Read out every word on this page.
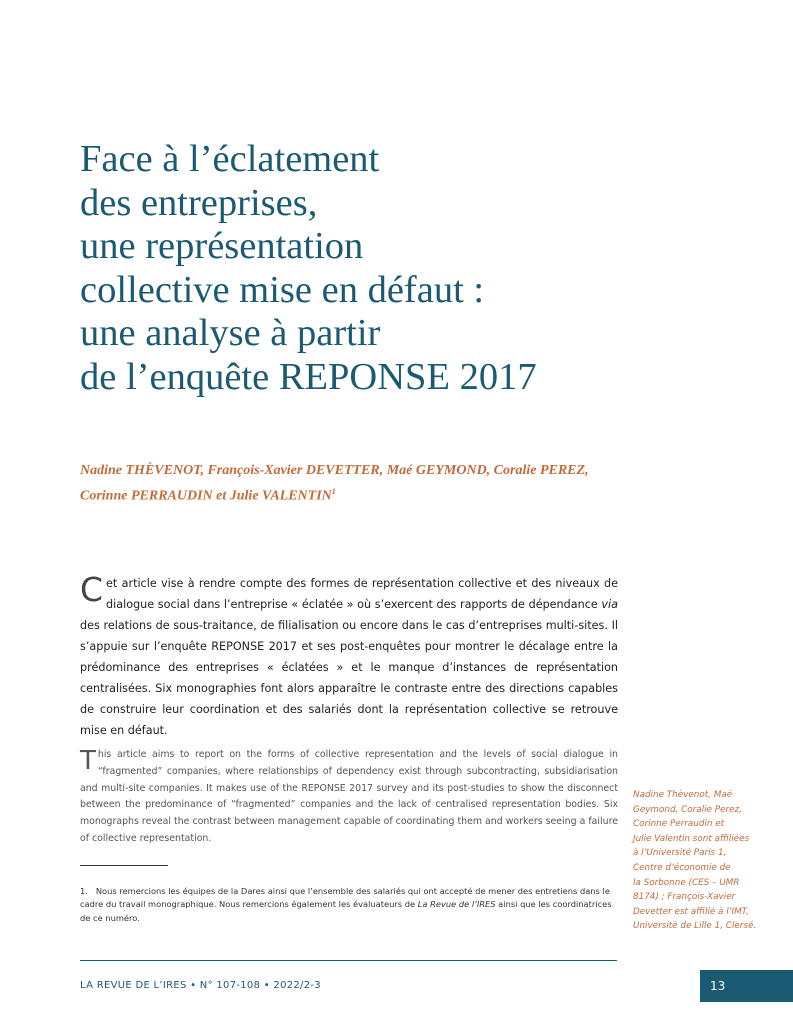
Face à l’éclatement
des entreprises,
une représentation
collective mise en défaut :
une analyse à partir
de l’enquête REPONSE 2017

Nadine THÈVENOT, François-Xavier DEVETTER, Maé GEYMOND, Coralie PEREZ,
Corinne PERRAUDIN et Julie VALENTIN$^1$

Cet article vise à rendre compte des formes de représentation collective et des niveaux de dialogue social dans l’entreprise « éclatée » où s’exercent des rapports de dépendance via des relations de sous-traitance, de filialisation ou encore dans le cas d’entreprises multi-sites. Il s’appuie sur l’enquête REPONSE 2017 et ses post-enquêtes pour montrer le décalage entre la prédominance des entreprises « éclatées » et le manque d’instances de représentation centralisées. Six monographies font alors apparaître le contraste entre des directions capables de construire leur coordination et des salariés dont la représentation collective se retrouve mise en défaut.

This article aims to report on the forms of collective representation and the levels of social dialogue in “fragmented” companies, where relationships of dependency exist through subcontracting, subsidiarisation and multi-site companies. It makes use of the REPONSE 2017 survey and its post-studies to show the disconnect between the predominance of “fragmented” companies and the lack of centralised representation bodies. Six monographs reveal the contrast between management capable of coordinating them and workers seeing a failure of collective representation.

Nadine Thèvenot, Maé
Geymond, Coralie Perez,
Corinne Perraudin et
Julie Valentin sont affiliées
à l’Université Paris 1,
Centre d’économie de
la Sorbonne (CES – UMR
8174) ; François-Xavier
Devetter est affilié à l’IMT,
Université de Lille 1, Clersé.

1. Nous remercions les équipes de la Dares ainsi que l’ensemble des salariés qui ont accepté de mener des entretiens dans le cadre du travail monographique. Nous remercions également les évaluateurs de La Revue de l’IRES ainsi que les coordinatrices de ce numéro.

LA REVUE DE L’IRES • N° 107-108 • 2022/2-3	13
